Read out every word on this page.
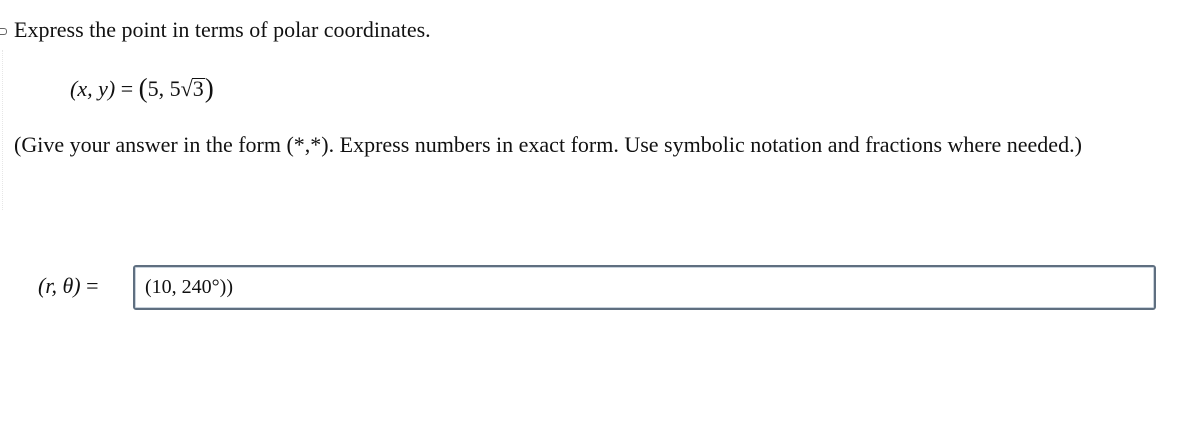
Express the point in terms of polar coordinates.
(x, y) = (5, 5√3)
(Give your answer in the form (*,*). Express numbers in exact form. Use symbolic notation and fractions where needed.)
(r, θ) =	(10, 240°))
